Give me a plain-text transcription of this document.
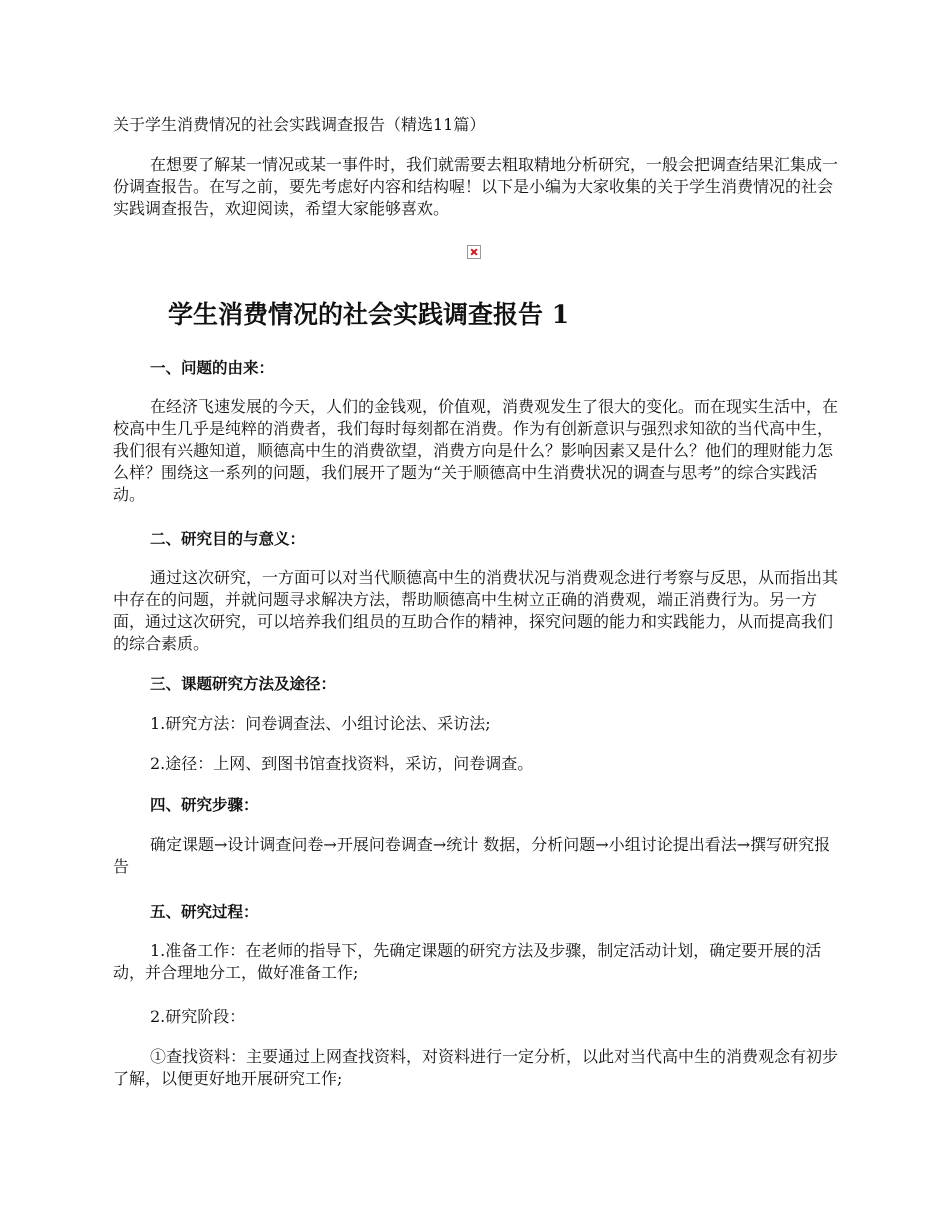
关于学生消费情况的社会实践调查报告（精选11篇）

在想要了解某一情况或某一事件时，我们就需要去粗取精地分析研究，一般会把调查结果汇集成一份调查报告。在写之前，要先考虑好内容和结构喔！以下是小编为大家收集的关于学生消费情况的社会实践调查报告，欢迎阅读，希望大家能够喜欢。

学生消费情况的社会实践调查报告 1

一、问题的由来：

在经济飞速发展的今天，人们的金钱观，价值观，消费观发生了很大的变化。而在现实生活中，在校高中生几乎是纯粹的消费者，我们每时每刻都在消费。作为有创新意识与强烈求知欲的当代高中生，我们很有兴趣知道，顺德高中生的消费欲望，消费方向是什么？影响因素又是什么？他们的理财能力怎么样？围绕这一系列的问题，我们展开了题为“关于顺德高中生消费状况的调查与思考”的综合实践活动。

二、研究目的与意义：

通过这次研究，一方面可以对当代顺德高中生的消费状况与消费观念进行考察与反思，从而指出其中存在的问题，并就问题寻求解决方法，帮助顺德高中生树立正确的消费观，端正消费行为。另一方面，通过这次研究，可以培养我们组员的互助合作的精神，探究问题的能力和实践能力，从而提高我们的综合素质。

三、课题研究方法及途径：

1.研究方法：问卷调查法、小组讨论法、采访法;

2.途径：上网、到图书馆查找资料，采访，问卷调查。

四、研究步骤：

确定课题→设计调查问卷→开展问卷调查→统计 数据，分析问题→小组讨论提出看法→撰写研究报告

五、研究过程：

1.准备工作：在老师的指导下，先确定课题的研究方法及步骤，制定活动计划，确定要开展的活动，并合理地分工，做好准备工作;

2.研究阶段：

①查找资料：主要通过上网查找资料，对资料进行一定分析，以此对当代高中生的消费观念有初步了解，以便更好地开展研究工作;
